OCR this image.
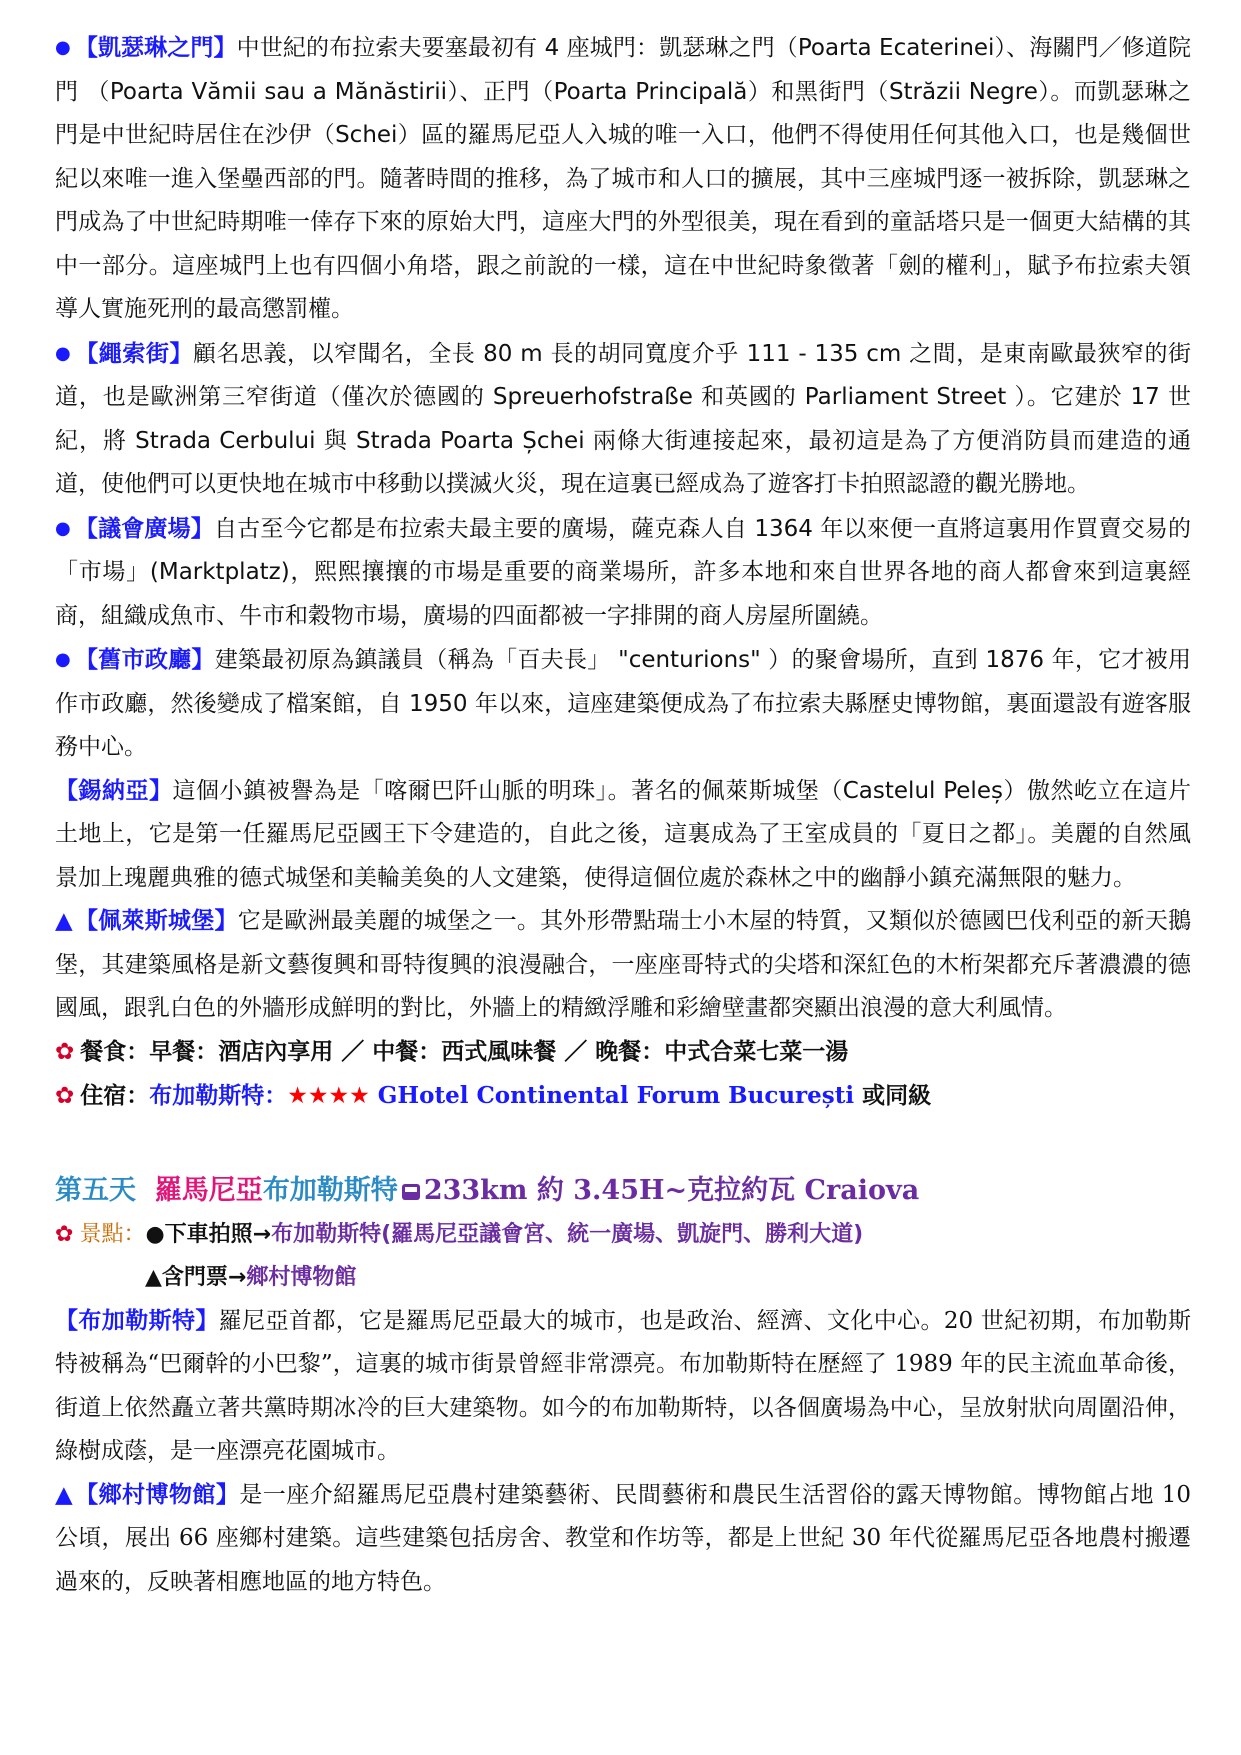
● 【凱瑟琳之門】中世紀的布拉索夫要塞最初有 4 座城門：凱瑟琳之門（Poarta Ecaterinei）、海關門／修道院門 （Poarta Vămii sau a Mănăstirii）、正門（Poarta Principală）和黑街門（Străzii Negre）。而凱瑟琳之門是中世紀時居住在沙伊（Schei）區的羅馬尼亞人入城的唯一入口，他們不得使用任何其他入口，也是幾個世紀以來唯一進入堡壘西部的門。隨著時間的推移，為了城市和人口的擴展，其中三座城門逐一被拆除，凱瑟琳之門成為了中世紀時期唯一倖存下來的原始大門，這座大門的外型很美，現在看到的童話塔只是一個更大結構的其中一部分。這座城門上也有四個小角塔，跟之前說的一樣，這在中世紀時象徵著「劍的權利」，賦予布拉索夫領導人實施死刑的最高懲罰權。

● 【繩索街】顧名思義，以窄聞名，全長 80 m 長的胡同寬度介乎 111 - 135 cm 之間，是東南歐最狹窄的街道，也是歐洲第三窄街道（僅次於德國的 Spreuerhofstraße 和英國的 Parliament Street ）。它建於 17 世紀，將 Strada Cerbului 與 Strada Poarta Șchei 兩條大街連接起來，最初這是為了方便消防員而建造的通道，使他們可以更快地在城市中移動以撲滅火災，現在這裏已經成為了遊客打卡拍照認證的觀光勝地。

● 【議會廣場】自古至今它都是布拉索夫最主要的廣場，薩克森人自 1364 年以來便一直將這裏用作買賣交易的「市場」(Marktplatz)，熙熙攘攘的市場是重要的商業場所，許多本地和來自世界各地的商人都會來到這裏經商，組織成魚市、牛市和穀物市場，廣場的四面都被一字排開的商人房屋所圍繞。

● 【舊市政廳】建築最初原為鎮議員（稱為「百夫長」 "centurions" ）的聚會場所，直到 1876 年，它才被用作市政廳，然後變成了檔案館，自 1950 年以來，這座建築便成為了布拉索夫縣歷史博物館，裏面還設有遊客服務中心。

【錫納亞】這個小鎮被譽為是「喀爾巴阡山脈的明珠」。著名的佩萊斯城堡（Castelul Peleș）傲然屹立在這片土地上，它是第一任羅馬尼亞國王下令建造的，自此之後，這裏成為了王室成員的「夏日之都」。美麗的自然風景加上瑰麗典雅的德式城堡和美輪美奐的人文建築，使得這個位處於森林之中的幽靜小鎮充滿無限的魅力。

▲【佩萊斯城堡】它是歐洲最美麗的城堡之一。其外形帶點瑞士小木屋的特質，又類似於德國巴伐利亞的新天鵝堡，其建築風格是新文藝復興和哥特復興的浪漫融合，一座座哥特式的尖塔和深紅色的木桁架都充斥著濃濃的德國風，跟乳白色的外牆形成鮮明的對比，外牆上的精緻浮雕和彩繪壁畫都突顯出浪漫的意大利風情。

✿ 餐食：早餐：酒店內享用 ／ 中餐：西式風味餐 ／ 晚餐：中式合菜七菜一湯
✿ 住宿：布加勒斯特：★★★★ GHotel Continental Forum București 或同級
第五天 羅馬尼亞布加勒斯特 233km 約 3.45H~克拉約瓦 Craiova
✿ 景點：●下車拍照→布加勒斯特(羅馬尼亞議會宮、統一廣場、凱旋門、勝利大道)
▲含門票→鄉村博物館

【布加勒斯特】羅尼亞首都，它是羅馬尼亞最大的城市，也是政治、經濟、文化中心。20 世紀初期，布加勒斯特被稱為“巴爾幹的小巴黎”，這裏的城市街景曾經非常漂亮。布加勒斯特在歷經了 1989 年的民主流血革命後，街道上依然矗立著共黨時期冰冷的巨大建築物。如今的布加勒斯特，以各個廣場為中心，呈放射狀向周圍沿伸，綠樹成蔭，是一座漂亮花園城市。

▲【鄉村博物館】是一座介紹羅馬尼亞農村建築藝術、民間藝術和農民生活習俗的露天博物館。博物館占地 10 公頃，展出 66 座鄉村建築。這些建築包括房舍、教堂和作坊等，都是上世紀 30 年代從羅馬尼亞各地農村搬遷過來的，反映著相應地區的地方特色。
